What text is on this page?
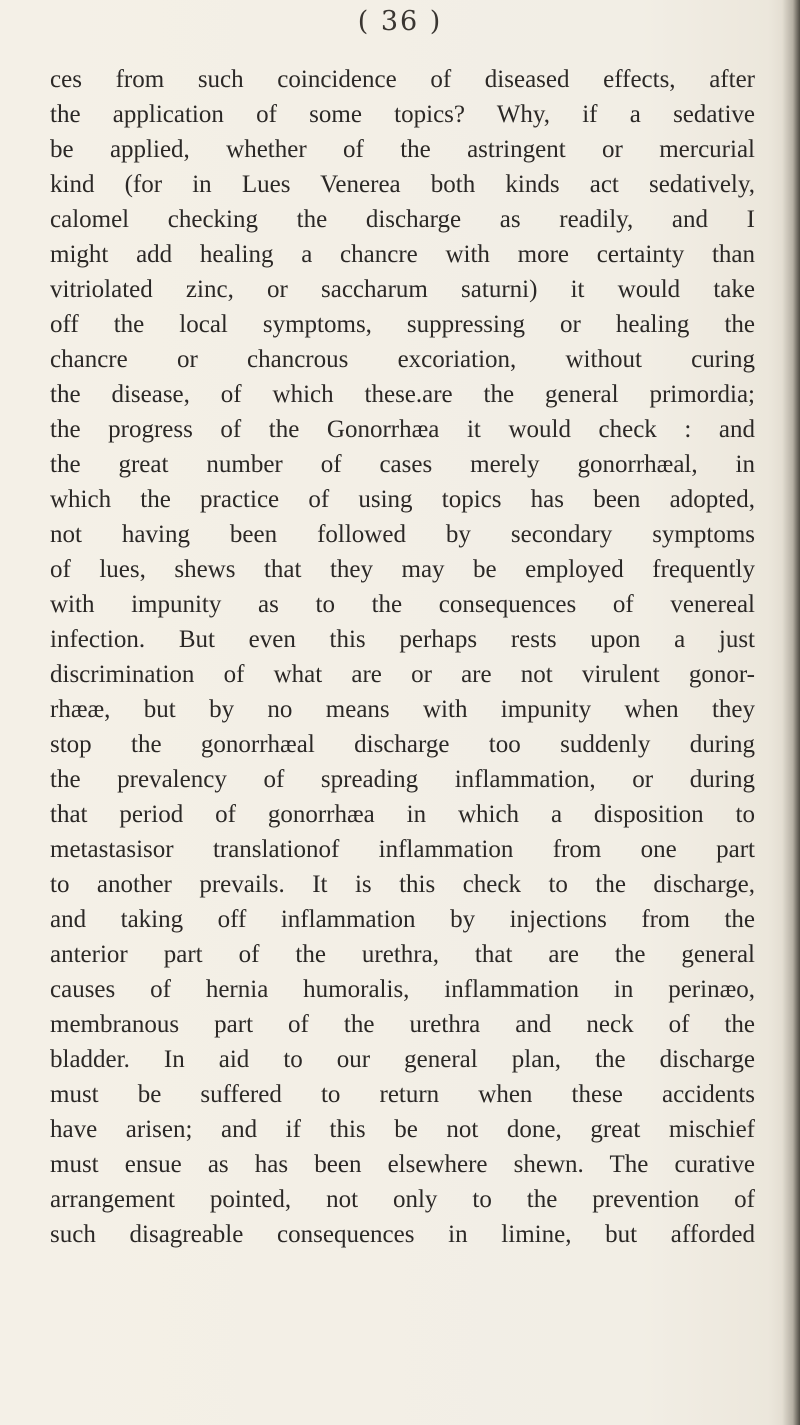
( 36 )
ces from such coincidence of diseased effects, after
the application of some topics? Why, if a sedative
be applied, whether of the astringent or mercurial
kind (for in Lues Venerea both kinds act sedatively,
calomel checking the discharge as readily, and I
might add healing a chancre with more certainty than
vitriolated zinc, or saccharum saturni) it would take
off the local symptoms, suppressing or healing the
chancre or chancrous excoriation, without curing
the disease, of which these.are the general primordia;
the progress of the Gonorrhæa it would check : and
the great number of cases merely gonorrhæal, in
which the practice of using topics has been adopted,
not having been followed by secondary symptoms
of lues, shews that they may be employed frequently
with impunity as to the consequences of venereal
infection. But even this perhaps rests upon a just
discrimination of what are or are not virulent gonor-
rhææ, but by no means with impunity when they
stop the gonorrhæal discharge too suddenly during
the prevalency of spreading inflammation, or during
that period of gonorrhæa in which a disposition to
metastasisor translationof inflammation from one part
to another prevails. It is this check to the discharge,
and taking off inflammation by injections from the
anterior part of the urethra, that are the general
causes of hernia humoralis, inflammation in perinæo,
membranous part of the urethra and neck of the
bladder. In aid to our general plan, the discharge
must be suffered to return when these accidents
have arisen; and if this be not done, great mischief
must ensue as has been elsewhere shewn. The curative
arrangement pointed, not only to the prevention of
such disagreable consequences in limine, but afforded
